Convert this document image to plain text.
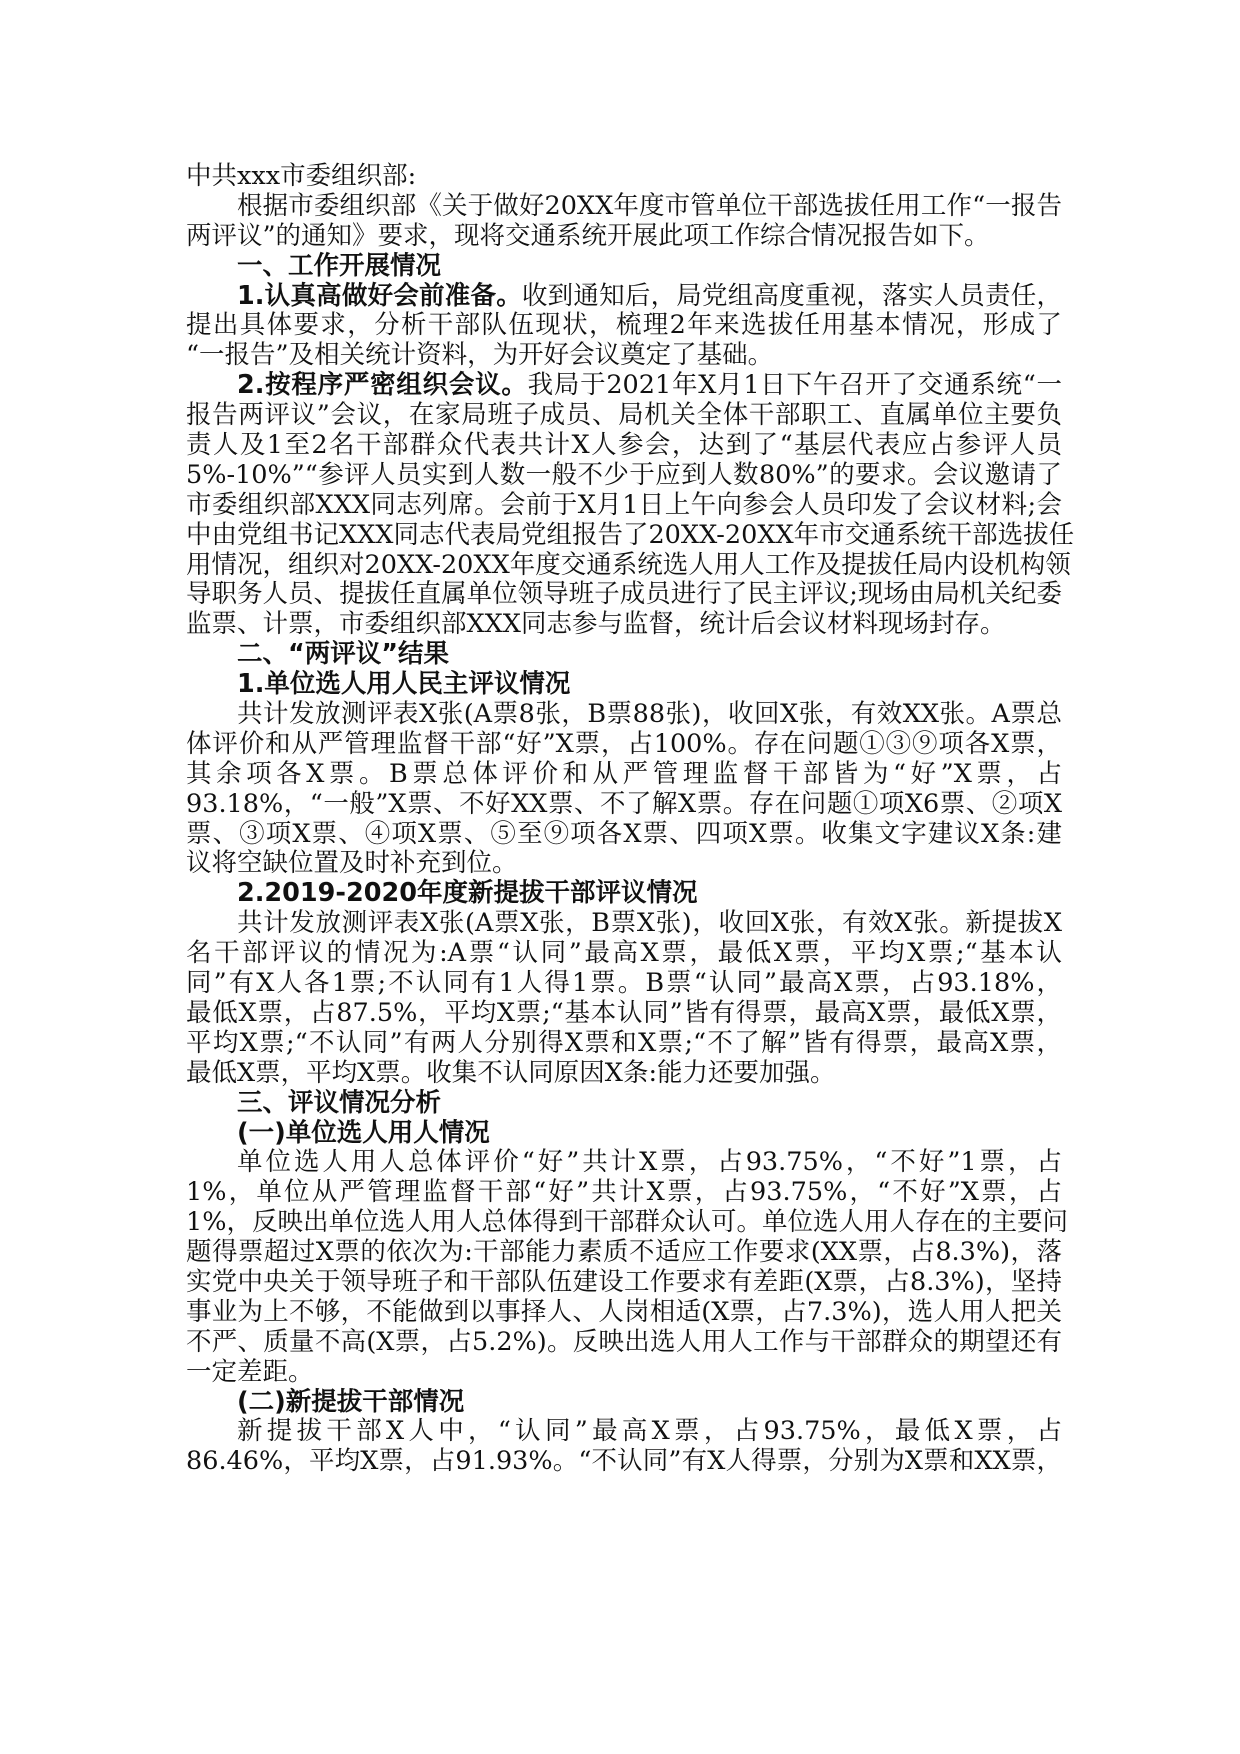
中共xxx市委组织部:
根据市委组织部《关于做好20XX年度市管单位干部选拔任用工作“一报告
两评议”的通知》要求，现将交通系统开展此项工作综合情况报告如下。
一、工作开展情况
1.认真高做好会前准备。收到通知后，局党组高度重视，落实人员责任，
提出具体要求，分析干部队伍现状，梳理2年来选拔任用基本情况，形成了
“一报告”及相关统计资料，为开好会议奠定了基础。
2.按程序严密组织会议。我局于2021年X月1日下午召开了交通系统“一
报告两评议”会议，在家局班子成员、局机关全体干部职工、直属单位主要负
责人及1至2名干部群众代表共计X人参会，达到了“基层代表应占参评人员
5%-10%”“参评人员实到人数一般不少于应到人数80%”的要求。会议邀请了
市委组织部XXX同志列席。会前于X月1日上午向参会人员印发了会议材料;会
中由党组书记XXX同志代表局党组报告了20XX-20XX年市交通系统干部选拔任
用情况，组织对20XX-20XX年度交通系统选人用人工作及提拔任局内设机构领
导职务人员、提拔任直属单位领导班子成员进行了民主评议;现场由局机关纪委
监票、计票，市委组织部XXX同志参与监督，统计后会议材料现场封存。
二、“两评议”结果
1.单位选人用人民主评议情况
共计发放测评表X张(A票8张，B票88张)，收回X张，有效XX张。A票总
体评价和从严管理监督干部“好”X票，占100%。存在问题①③⑨项各X票，
其余项各X票。B票总体评价和从严管理监督干部皆为“好”X票，占
93.18%，“一般”X票、不好XX票、不了解X票。存在问题①项X6票、②项X
票、③项X票、④项X票、⑤至⑨项各X票、四项X票。收集文字建议X条:建
议将空缺位置及时补充到位。
2.2019-2020年度新提拔干部评议情况
共计发放测评表X张(A票X张，B票X张)，收回X张，有效X张。新提拔X
名干部评议的情况为:A票“认同”最高X票，最低X票，平均X票;“基本认
同”有X人各1票;不认同有1人得1票。B票“认同”最高X票，占93.18%，
最低X票，占87.5%，平均X票;“基本认同”皆有得票，最高X票，最低X票，
平均X票;“不认同”有两人分别得X票和X票;“不了解”皆有得票，最高X票，
最低X票，平均X票。收集不认同原因X条:能力还要加强。
三、评议情况分析
(一)单位选人用人情况
单位选人用人总体评价“好”共计X票，占93.75%，“不好”1票，占
1%，单位从严管理监督干部“好”共计X票，占93.75%，“不好”X票，占
1%，反映出单位选人用人总体得到干部群众认可。单位选人用人存在的主要问
题得票超过X票的依次为:干部能力素质不适应工作要求(XX票，占8.3%)，落
实党中央关于领导班子和干部队伍建设工作要求有差距(X票，占8.3%)，坚持
事业为上不够，不能做到以事择人、人岗相适(X票，占7.3%)，选人用人把关
不严、质量不高(X票，占5.2%)。反映出选人用人工作与干部群众的期望还有
一定差距。
(二)新提拔干部情况
新提拔干部X人中，“认同”最高X票，占93.75%，最低X票，占
86.46%，平均X票，占91.93%。“不认同”有X人得票，分别为X票和XX票，
